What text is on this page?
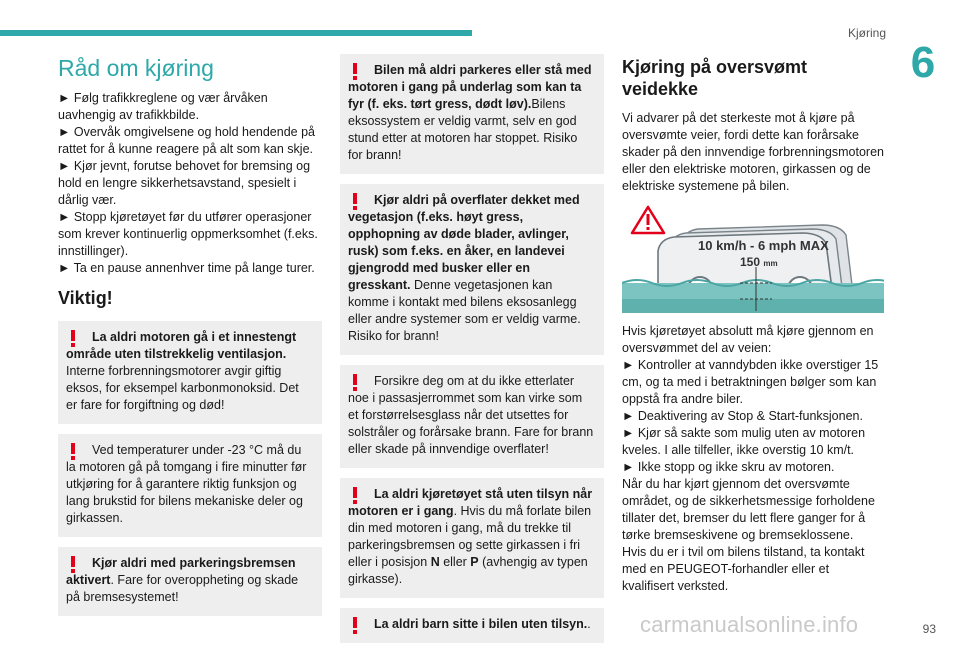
Kjøring
6
Råd om kjøring

► Følg trafikkreglene og vær årvåken uavhengig av trafikkbilde.
► Overvåk omgivelsene og hold hendende på rattet for å kunne reagere på alt som kan skje.
► Kjør jevnt, forutse behovet for bremsing og hold en lengre sikkerhetsavstand, spesielt i dårlig vær.
► Stopp kjøretøyet før du utfører operasjoner som krever kontinuerlig oppmerksomhet (f.eks. innstillinger).
► Ta en pause annenhver time på lange turer.

Viktig!

La aldri motoren gå i et innestengt område uten tilstrekkelig ventilasjon. Interne forbrenningsmotorer avgir giftig eksos, for eksempel karbonmonoksid. Det er fare for forgiftning og død!

Ved temperaturer under -23 °C må du la motoren gå på tomgang i fire minutter før utkjøring for å garantere riktig funksjon og lang brukstid for bilens mekaniske deler og girkassen.

Kjør aldri med parkeringsbremsen aktivert. Fare for overoppheting og skade på bremsesystemet!

Bilen må aldri parkeres eller stå med motoren i gang på underlag som kan ta fyr (f. eks. tørt gress, dødt løv).Bilens eksossystem er veldig varmt, selv en god stund etter at motoren har stoppet. Risiko for brann!

Kjør aldri på overflater dekket med vegetasjon (f.eks. høyt gress, opphopning av døde blader, avlinger, rusk) som f.eks. en åker, en landevei gjengrodd med busker eller en gresskant. Denne vegetasjonen kan komme i kontakt med bilens eksosanlegg eller andre systemer som er veldig varme. Risiko for brann!

Forsikre deg om at du ikke etterlater noe i passasjerrommet som kan virke som et forstørrelsesglass når det utsettes for solstråler og forårsake brann. Fare for brann eller skade på innvendige overflater!

La aldri kjøretøyet stå uten tilsyn når motoren er i gang. Hvis du må forlate bilen din med motoren i gang, må du trekke til parkeringsbremsen og sette girkassen i fri eller i posisjon N eller P (avhengig av typen girkasse).

La aldri barn sitte i bilen uten tilsyn..

Kjøring på oversvømt veidekke

Vi advarer på det sterkeste mot å kjøre på oversvømte veier, fordi dette kan forårsake skader på den innvendige forbrenningsmotoren eller den elektriske motoren, girkassen og de elektriske systemene på bilen.

10 km/h - 6 mph MAX
150 mm

Hvis kjøretøyet absolutt må kjøre gjennom en oversvømmet del av veien:
► Kontroller at vanndybden ikke overstiger 15 cm, og ta med i betraktningen bølger som kan oppstå fra andre biler.
► Deaktivering av Stop & Start-funksjonen.
► Kjør så sakte som mulig uten av motoren kveles. I alle tilfeller, ikke overstig 10 km/t.
► Ikke stopp og ikke skru av motoren.
Når du har kjørt gjennom det oversvømte området, og de sikkerhetsmessige forholdene tillater det, bremser du lett flere ganger for å tørke bremseskivene og bremseklossene.
Hvis du er i tvil om bilens tilstand, ta kontakt med en PEUGEOT-forhandler eller et kvalifisert verksted.

carmanualsonline.info	93
